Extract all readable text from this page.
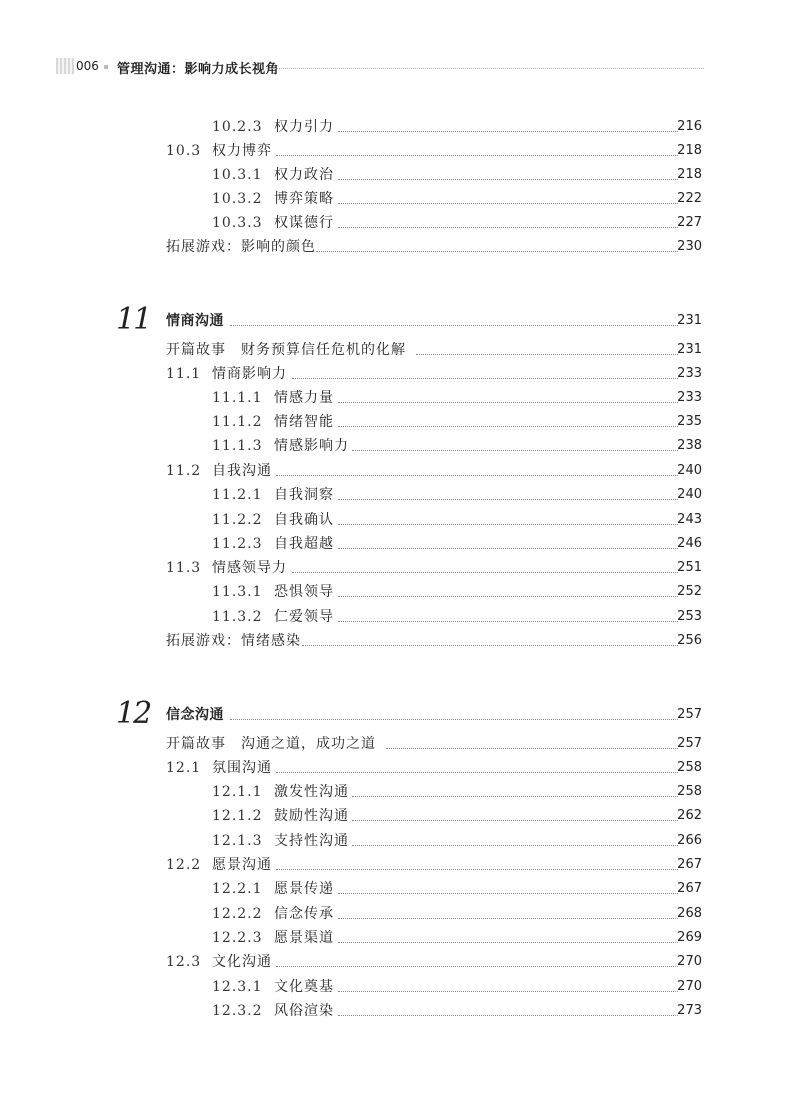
006 管理沟通：影响力成长视角
10.2.3 权力引力	216
10.3 权力博弈	218
10.3.1 权力政治	218
10.3.2 博弈策略	222
10.3.3 权谋德行	227
拓展游戏：影响的颜色	230
11 情商沟通	231
开篇故事　财务预算信任危机的化解	231
11.1 情商影响力	233
11.1.1 情感力量	233
11.1.2 情绪智能	235
11.1.3 情感影响力	238
11.2 自我沟通	240
11.2.1 自我洞察	240
11.2.2 自我确认	243
11.2.3 自我超越	246
11.3 情感领导力	251
11.3.1 恐惧领导	252
11.3.2 仁爱领导	253
拓展游戏：情绪感染	256
12 信念沟通	257
开篇故事　沟通之道，成功之道	257
12.1 氛围沟通	258
12.1.1 激发性沟通	258
12.1.2 鼓励性沟通	262
12.1.3 支持性沟通	266
12.2 愿景沟通	267
12.2.1 愿景传递	267
12.2.2 信念传承	268
12.2.3 愿景渠道	269
12.3 文化沟通	270
12.3.1 文化奠基	270
12.3.2 风俗渲染	273
